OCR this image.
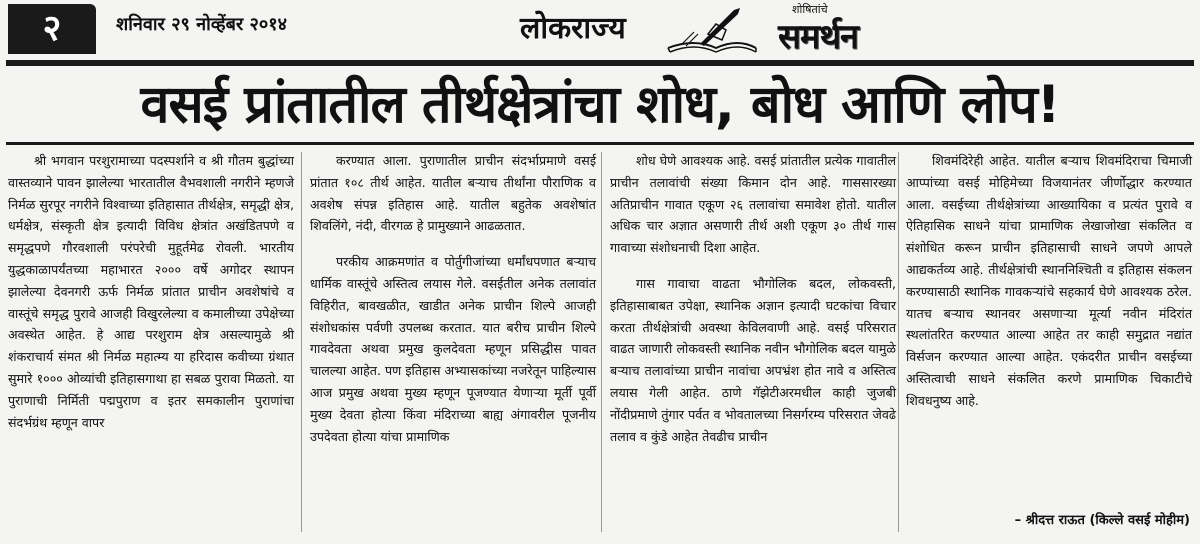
२	शनिवार २९ नोव्हेंबर २०१४	लोकराज्य
शोषितांचे
समर्थन
वसई प्रांतातील तीर्थक्षेत्रांचा शोध, बोध आणि लोप!

श्री भगवान परशुरामाच्या पदस्पर्शाने व श्री गौतम बुद्धांच्या वास्तव्याने पावन झालेल्या भारतातील वैभवशाली नगरीने म्हणजे निर्मळ सुरपूर नगरीने विश्वाच्या इतिहासात तीर्थक्षेत्र, समृद्धी क्षेत्र, धर्मक्षेत्र, संस्कृती क्षेत्र इत्यादी विविध क्षेत्रांत अखंडितपणे व समृद्धपणे गौरवशाली परंपरेची मुहूर्तमेढ रोवली. भारतीय युद्धकाळापर्यंतच्या महाभारत २००० वर्षे अगोदर स्थापन झालेल्या देवनगरी ऊर्फ निर्मळ प्रांतात प्राचीन अवशेषांचे व वास्तूंचे समृद्ध पुरावे आजही विखुरलेल्या व कमालीच्या उपेक्षेच्या अवस्थेत आहेत. हे आद्य परशुराम क्षेत्र असल्यामुळे श्री शंकराचार्य संमत श्री निर्मळ महात्म्य या हरिदास कवीच्या ग्रंथात सुमारे १००० ओव्यांची इतिहासगाथा हा सबळ पुरावा मिळतो. या पुराणाची निर्मिती पद्मपुराण व इतर समकालीन पुराणांचा संदर्भग्रंथ म्हणून वापर

करण्यात आला. पुराणातील प्राचीन संदर्भाप्रमाणे वसई प्रांतात १०८ तीर्थ आहेत. यातील बऱ्याच तीर्थांना पौराणिक व अवशेष संपन्न इतिहास आहे. यातील बहुतेक अवशेषांत शिवलिंगे, नंदी, वीरगळ हे प्रामुख्याने आढळतात.

परकीय आक्रमणांत व पोर्तुगीजांच्या धर्मांधपणात बऱ्याच धार्मिक वास्तूंचे अस्तित्व लयास गेले. वसईतील अनेक तलावांत विहिरीत, बावखळीत, खाडीत अनेक प्राचीन शिल्पे आजही संशोधकांस पर्वणी उपलब्ध करतात. यात बरीच प्राचीन शिल्पे गावदेवता अथवा प्रमुख कुलदेवता म्हणून प्रसिद्धीस पावत चालल्या आहेत. पण इतिहास अभ्यासकांच्या नजरेतून पाहिल्यास आज प्रमुख अथवा मुख्य म्हणून पूजण्यात येणाऱ्या मूर्ती पूर्वी मुख्य देवता होत्या किंवा मंदिराच्या बाह्य अंगावरील पूजनीय उपदेवता होत्या यांचा प्रामाणिक

शोध घेणे आवश्यक आहे. वसई प्रांतातील प्रत्येक गावातील प्राचीन तलावांची संख्या किमान दोन आहे. गाससारख्या अतिप्राचीन गावात एकूण २६ तलावांचा समावेश होतो. यातील अधिक चार अज्ञात असणारी तीर्थ अशी एकूण ३० तीर्थ गास गावाच्या संशोधनाची दिशा आहेत.

गास गावाचा वाढता भौगोलिक बदल, लोकवस्ती, इतिहासाबाबत उपेक्षा, स्थानिक अज्ञान इत्यादी घटकांचा विचार करता तीर्थक्षेत्रांची अवस्था केविलवाणी आहे. वसई परिसरात वाढत जाणारी लोकवस्ती स्थानिक नवीन भौगोलिक बदल यामुळे बऱ्याच तलावांच्या प्राचीन नावांचा अपभ्रंश होत नावे व अस्तित्व लयास गेली आहेत. ठाणे गॅझेटीअरमधील काही जुजबी नोंदीप्रमाणे तुंगार पर्वत व भोवतालच्या निसर्गरम्य परिसरात जेवढे तलाव व कुंडे आहेत तेवढीच प्राचीन

शिवमंदिरेही आहेत. यातील बऱ्याच शिवमंदिराचा चिमाजी आप्पांच्या वसई मोहिमेच्या विजयानंतर जीर्णोद्धार करण्यात आला. वसईच्या तीर्थक्षेत्रांच्या आख्यायिका व प्रत्यंत पुरावे व ऐतिहासिक साधने यांचा प्रामाणिक लेखाजोखा संकलित व संशोधित करून प्राचीन इतिहासाची साधने जपणे आपले आद्यकर्तव्य आहे. तीर्थक्षेत्रांची स्थाननिश्चिती व इतिहास संकलन करण्यासाठी स्थानिक गावकऱ्यांचे सहकार्य घेणे आवश्यक ठरेल. यातच बऱ्याच स्थानवर असणाऱ्या मूर्त्या नवीन मंदिरांत स्थलांतरित करण्यात आल्या आहेत तर काही समुद्रात नद्यांत विर्सजन करण्यात आल्या आहेत. एकंदरीत प्राचीन वसईच्या अस्तित्वाची साधने संकलित करणे प्रामाणिक चिकाटीचे शिवधनुष्य आहे.

– श्रीदत्त राऊत (किल्ले वसई मोहीम)
